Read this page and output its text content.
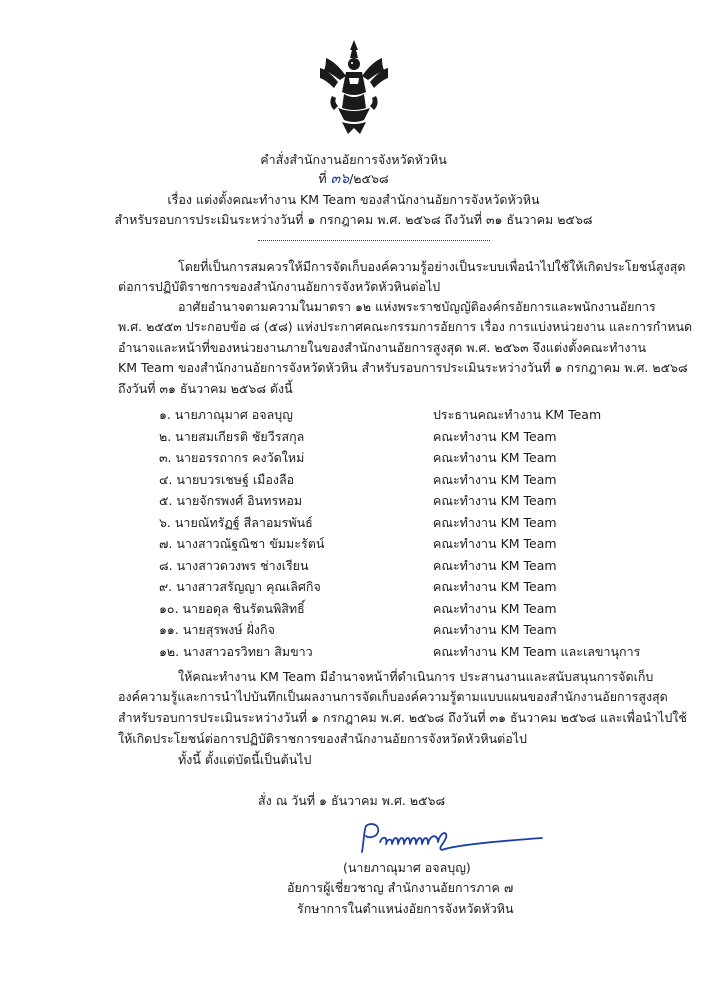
คำสั่งสำนักงานอัยการจังหวัดหัวหิน
ที่ ๓๖/๒๕๖๘
เรื่อง แต่งตั้งคณะทำงาน KM Team ของสำนักงานอัยการจังหวัดหัวหิน
สำหรับรอบการประเมินระหว่างวันที่ ๑ กรกฎาคม พ.ศ. ๒๕๖๘ ถึงวันที่ ๓๑ ธันวาคม ๒๕๖๘
โดยที่เป็นการสมควรให้มีการจัดเก็บองค์ความรู้อย่างเป็นระบบเพื่อนำไปใช้ให้เกิดประโยชน์สูงสุด
ต่อการปฏิบัติราชการของสำนักงานอัยการจังหวัดหัวหินต่อไป
อาศัยอำนาจตามความในมาตรา ๑๒ แห่งพระราชบัญญัติองค์กรอัยการและพนักงานอัยการ
พ.ศ. ๒๕๕๓ ประกอบข้อ ๘ (๕๘) แห่งประกาศคณะกรรมการอัยการ เรื่อง การแบ่งหน่วยงาน และการกำหนด
อำนาจและหน้าที่ของหน่วยงานภายในของสำนักงานอัยการสูงสุด พ.ศ. ๒๕๖๓ จึงแต่งตั้งคณะทำงาน
KM Team ของสำนักงานอัยการจังหวัดหัวหิน สำหรับรอบการประเมินระหว่างวันที่ ๑ กรกฎาคม พ.ศ. ๒๕๖๘
ถึงวันที่ ๓๑ ธันวาคม ๒๕๖๘ ดังนี้
๑. นายภาณุมาศ อจลบุญ	ประธานคณะทำงาน KM Team
๒. นายสมเกียรติ ชัยวีรสกุล	คณะทำงาน KM Team
๓. นายอรรถากร คงวัดใหม่	คณะทำงาน KM Team
๔. นายบวรเชษฐ์ เมืองลือ	คณะทำงาน KM Team
๕. นายจักรพงศ์ อินทรหอม	คณะทำงาน KM Team
๖. นายณัทรัฏฐ์ สีลาอมรพันธ์	คณะทำงาน KM Team
๗. นางสาวณัฐณิชา ขัมมะรัตน์	คณะทำงาน KM Team
๘. นางสาวดวงพร ช่างเรียน	คณะทำงาน KM Team
๙. นางสาวสรัญญา คุณเลิศกิจ	คณะทำงาน KM Team
๑๐. นายอดุล ชินรัตนพิสิทธิ์	คณะทำงาน KM Team
๑๑. นายสุรพงษ์ ฝั่งกิจ	คณะทำงาน KM Team
๑๒. นางสาวอรวิทยา สิมขาว	คณะทำงาน KM Team และเลขานุการ
ให้คณะทำงาน KM Team มีอำนาจหน้าที่ดำเนินการ ประสานงานและสนับสนุนการจัดเก็บ
องค์ความรู้และการนำไปบันทึกเป็นผลงานการจัดเก็บองค์ความรู้ตามแบบแผนของสำนักงานอัยการสูงสุด
สำหรับรอบการประเมินระหว่างวันที่ ๑ กรกฎาคม พ.ศ. ๒๕๖๘ ถึงวันที่ ๓๑ ธันวาคม ๒๕๖๘ และเพื่อนำไปใช้
ให้เกิดประโยชน์ต่อการปฏิบัติราชการของสำนักงานอัยการจังหวัดหัวหินต่อไป
ทั้งนี้ ตั้งแต่บัดนี้เป็นต้นไป
สั่ง ณ วันที่ ๑ ธันวาคม พ.ศ. ๒๕๖๘
(นายภาณุมาศ อจลบุญ)
อัยการผู้เชี่ยวชาญ สำนักงานอัยการภาค ๗
รักษาการในตำแหน่งอัยการจังหวัดหัวหิน
